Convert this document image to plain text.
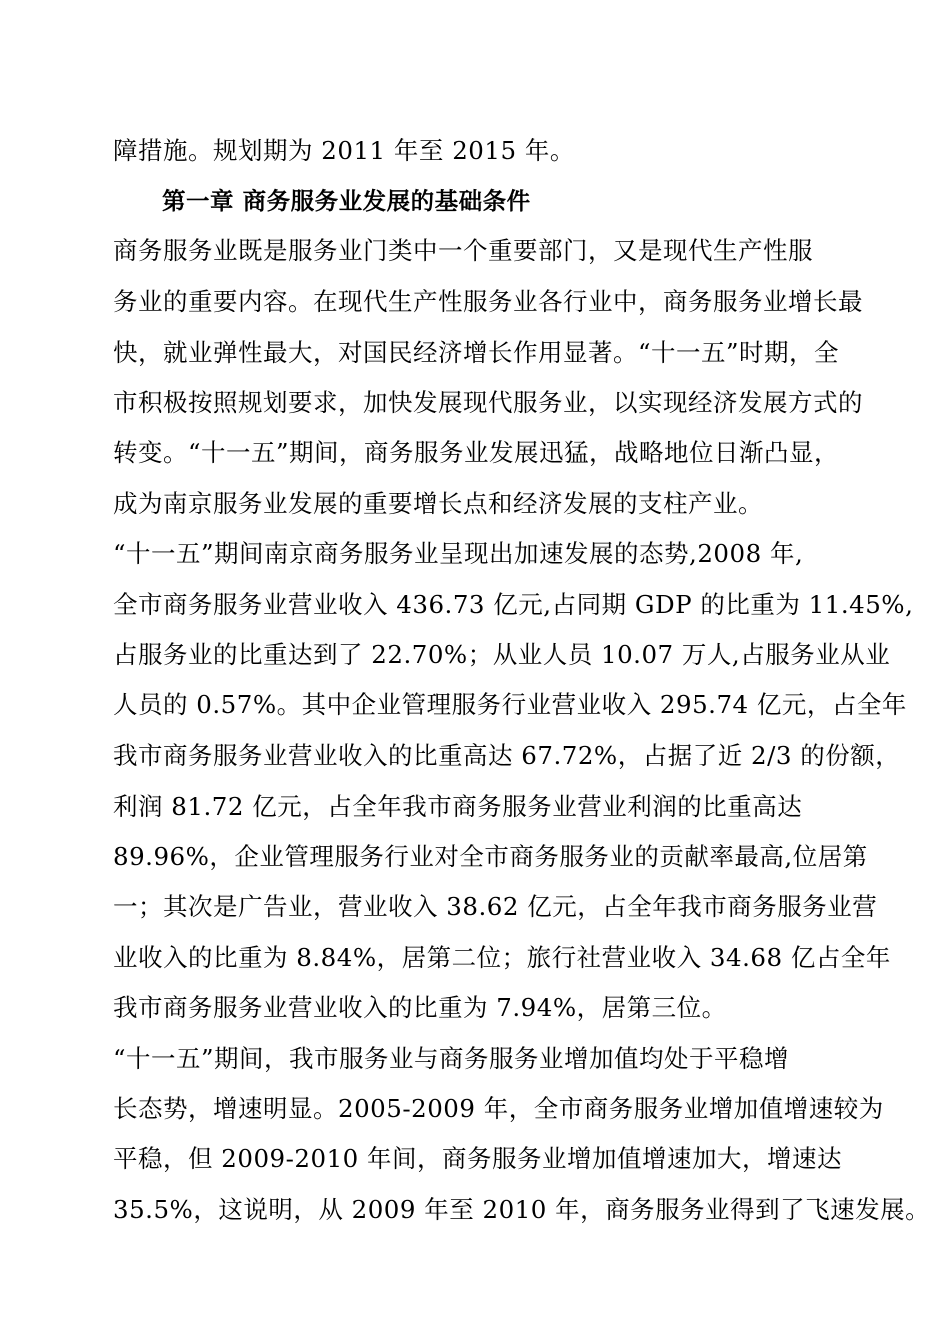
障措施。规划期为 2011 年至 2015 年。

第一章 商务服务业发展的基础条件

商务服务业既是服务业门类中一个重要部门，又是现代生产性服

务业的重要内容。在现代生产性服务业各行业中，商务服务业增长最

快，就业弹性最大，对国民经济增长作用显著。“十一五”时期，全

市积极按照规划要求，加快发展现代服务业，以实现经济发展方式的

转变。“十一五”期间，商务服务业发展迅猛，战略地位日渐凸显，

成为南京服务业发展的重要增长点和经济发展的支柱产业。

“十一五”期间南京商务服务业呈现出加速发展的态势,2008 年,

全市商务服务业营业收入 436.73 亿元,占同期 GDP 的比重为 11.45%,

占服务业的比重达到了 22.70%；从业人员 10.07 万人,占服务业从业

人员的 0.57%。其中企业管理服务行业营业收入 295.74 亿元，占全年

我市商务服务业营业收入的比重高达 67.72%，占据了近 2/3 的份额，

利润 81.72 亿元，占全年我市商务服务业营业利润的比重高达

89.96%，企业管理服务行业对全市商务服务业的贡献率最高,位居第

一；其次是广告业，营业收入 38.62 亿元，占全年我市商务服务业营

业收入的比重为 8.84%，居第二位；旅行社营业收入 34.68 亿占全年

我市商务服务业营业收入的比重为 7.94%，居第三位。

“十一五”期间，我市服务业与商务服务业增加值均处于平稳增

长态势，增速明显。2005-2009 年，全市商务服务业增加值增速较为

平稳，但 2009-2010 年间，商务服务业增加值增速加大，增速达

35.5%，这说明，从 2009 年至 2010 年，商务服务业得到了飞速发展。
